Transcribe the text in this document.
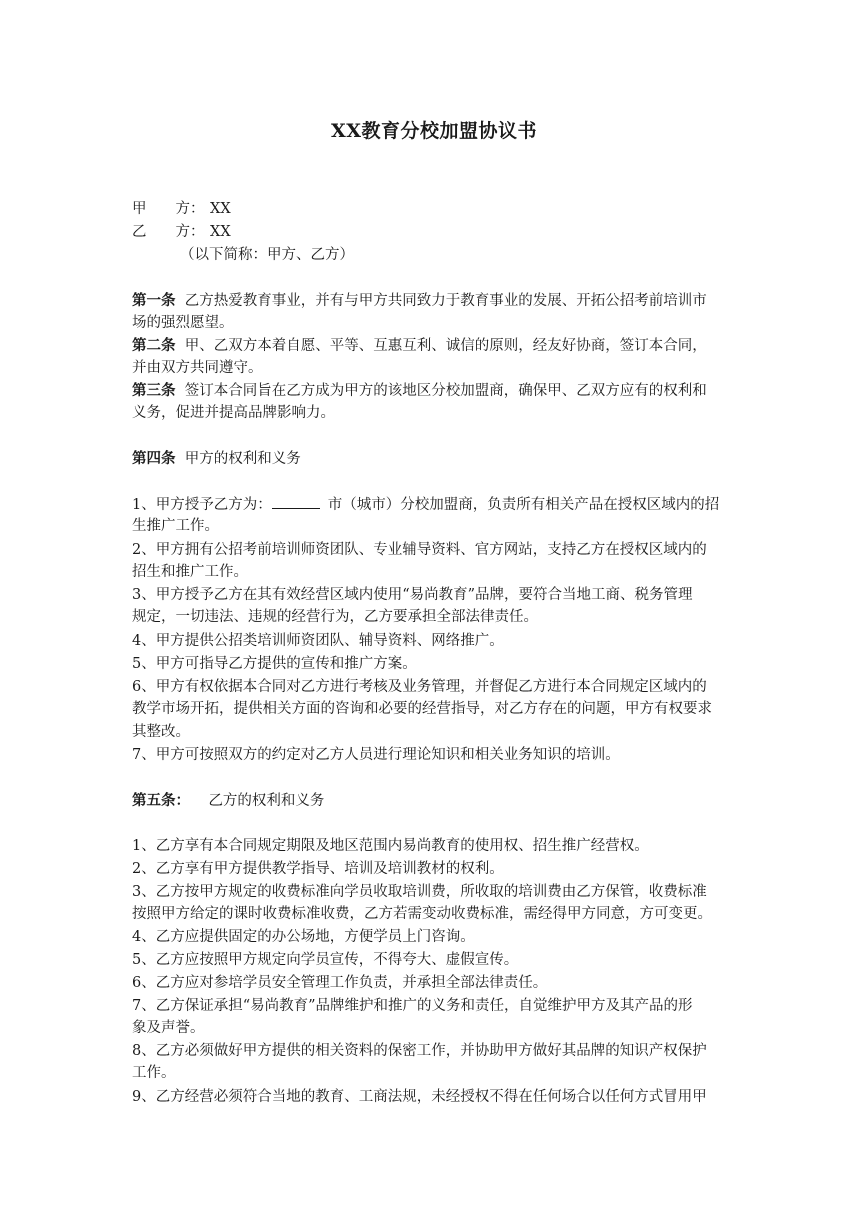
XX教育分校加盟协议书
甲　　方： XX
乙　　方： XX
（以下简称：甲方、乙方）
第一条 乙方热爱教育事业，并有与甲方共同致力于教育事业的发展、开拓公招考前培训市
场的强烈愿望。
第二条 甲、乙双方本着自愿、平等、互惠互利、诚信的原则，经友好协商，签订本合同，
并由双方共同遵守。
第三条 签订本合同旨在乙方成为甲方的该地区分校加盟商，确保甲、乙双方应有的权利和
义务，促进并提高品牌影响力。
第四条 甲方的权利和义务
1、甲方授予乙方为：	市（城市）分校加盟商，负责所有相关产品在授权区域内的招
生推广工作。
2、甲方拥有公招考前培训师资团队、专业辅导资料、官方网站，支持乙方在授权区域内的
招生和推广工作。
3、甲方授予乙方在其有效经营区域内使用“易尚教育”品牌，要符合当地工商、税务管理
规定，一切违法、违规的经营行为，乙方要承担全部法律责任。
4、甲方提供公招类培训师资团队、辅导资料、网络推广。
5、甲方可指导乙方提供的宣传和推广方案。
6、甲方有权依据本合同对乙方进行考核及业务管理，并督促乙方进行本合同规定区域内的
教学市场开拓，提供相关方面的咨询和必要的经营指导，对乙方存在的问题，甲方有权要求
其整改。
7、甲方可按照双方的约定对乙方人员进行理论知识和相关业务知识的培训。
第五条： 乙方的权利和义务
1、乙方享有本合同规定期限及地区范围内易尚教育的使用权、招生推广经营权。
2、乙方享有甲方提供教学指导、培训及培训教材的权利。
3、乙方按甲方规定的收费标准向学员收取培训费，所收取的培训费由乙方保管，收费标准
按照甲方给定的课时收费标准收费，乙方若需变动收费标准，需经得甲方同意，方可变更。
4、乙方应提供固定的办公场地，方便学员上门咨询。
5、乙方应按照甲方规定向学员宣传，不得夸大、虚假宣传。
6、乙方应对参培学员安全管理工作负责，并承担全部法律责任。
7、乙方保证承担“易尚教育”品牌维护和推广的义务和责任，自觉维护甲方及其产品的形
象及声誉。
8、乙方必须做好甲方提供的相关资料的保密工作，并协助甲方做好其品牌的知识产权保护
工作。
9、乙方经营必须符合当地的教育、工商法规，未经授权不得在任何场合以任何方式冒用甲
